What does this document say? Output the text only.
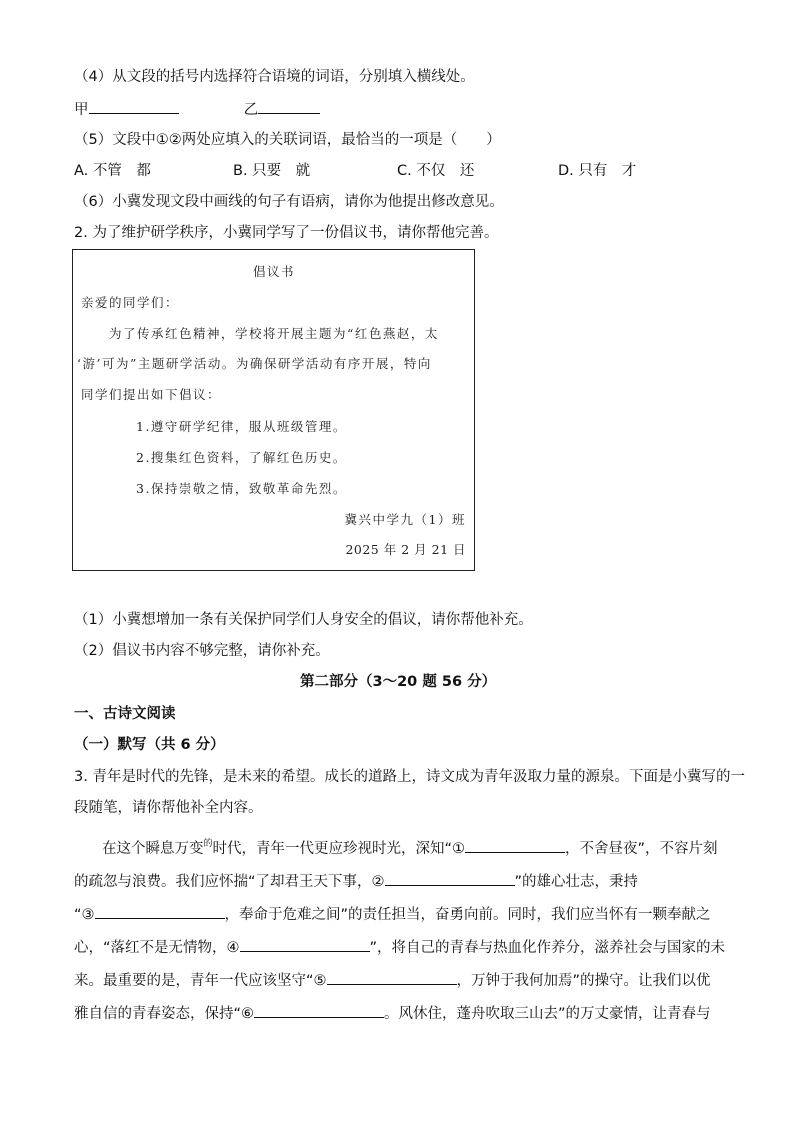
（4）从文段的括号内选择符合语境的词语，分别填入横线处。
甲	乙
（5）文段中①②两处应填入的关联词语，最恰当的一项是（　　）
A. 不管　都	B. 只要　就	C. 不仅　还	D. 只有　才
（6）小冀发现文段中画线的句子有语病，请你为他提出修改意见。
2. 为了维护研学秩序，小冀同学写了一份倡议书，请你帮他完善。
倡议书
亲爱的同学们：
为了传承红色精神，学校将开展主题为“红色燕赵，太
‘游’可为”主题研学活动。为确保研学活动有序开展，特向
同学们提出如下倡议：
1.遵守研学纪律，服从班级管理。
2.搜集红色资料，了解红色历史。
3.保持崇敬之情，致敬革命先烈。
冀兴中学九（1）班
2025 年 2 月 21 日
（1）小冀想增加一条有关保护同学们人身安全的倡议，请你帮他补充。
（2）倡议书内容不够完整，请你补充。
第二部分（3～20 题 56 分）
一、古诗文阅读
（一）默写（共 6 分）
3. 青年是时代的先锋，是未来的希望。成长的道路上，诗文成为青年汲取力量的源泉。下面是小冀写的一
段随笔，请你帮他补全内容。
在这个瞬息万变$^的$时代，青年一代更应珍视时光，深知“①	，不舍昼夜”，不容片刻
的疏忽与浪费。我们应怀揣“了却君王天下事，②	”的雄心壮志，秉持
“③	，奉命于危难之间”的责任担当，奋勇向前。同时，我们应当怀有一颗奉献之
心，“落红不是无情物，④	”，将自己的青春与热血化作养分，滋养社会与国家的未
来。最重要的是，青年一代应该坚守“⑤	，万钟于我何加焉”的操守。让我们以优
雅自信的青春姿态，保持“⑥	。风休住，蓬舟吹取三山去”的万丈豪情，让青春与
